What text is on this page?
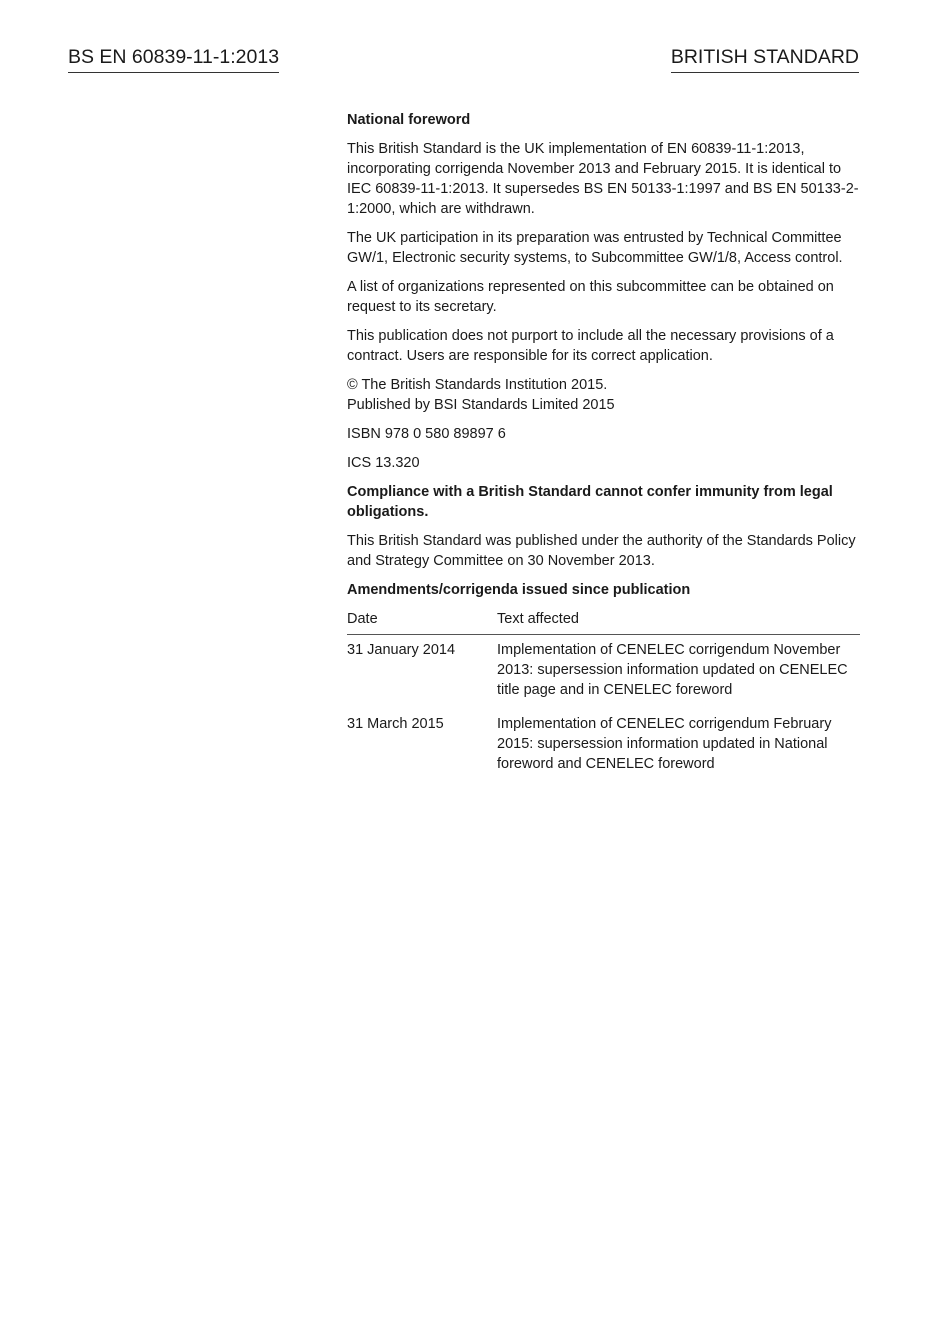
BS EN 60839-11-1:2013	BRITISH STANDARD

National foreword

This British Standard is the UK implementation of EN 60839-11-1:2013, incorporating corrigenda November 2013 and February 2015. It is identical to IEC 60839-11-1:2013. It supersedes BS EN 50133-1:1997 and BS EN 50133-2-1:2000, which are withdrawn.

The UK participation in its preparation was entrusted by Technical Committee GW/1, Electronic security systems, to Subcommittee GW/1/8, Access control.

A list of organizations represented on this subcommittee can be obtained on request to its secretary.

This publication does not purport to include all the necessary provisions of a contract. Users are responsible for its correct application.

© The British Standards Institution 2015.
Published by BSI Standards Limited 2015

ISBN 978 0 580 89897 6

ICS 13.320

Compliance with a British Standard cannot confer immunity from legal obligations.

This British Standard was published under the authority of the Standards Policy and Strategy Committee on 30 November 2013.

Amendments/corrigenda issued since publication

Date	Text affected
31 January 2014	Implementation of CENELEC corrigendum November 2013: supersession information updated on CENELEC title page and in CENELEC foreword
31 March 2015	Implementation of CENELEC corrigendum February 2015: supersession information updated in National foreword and CENELEC foreword
